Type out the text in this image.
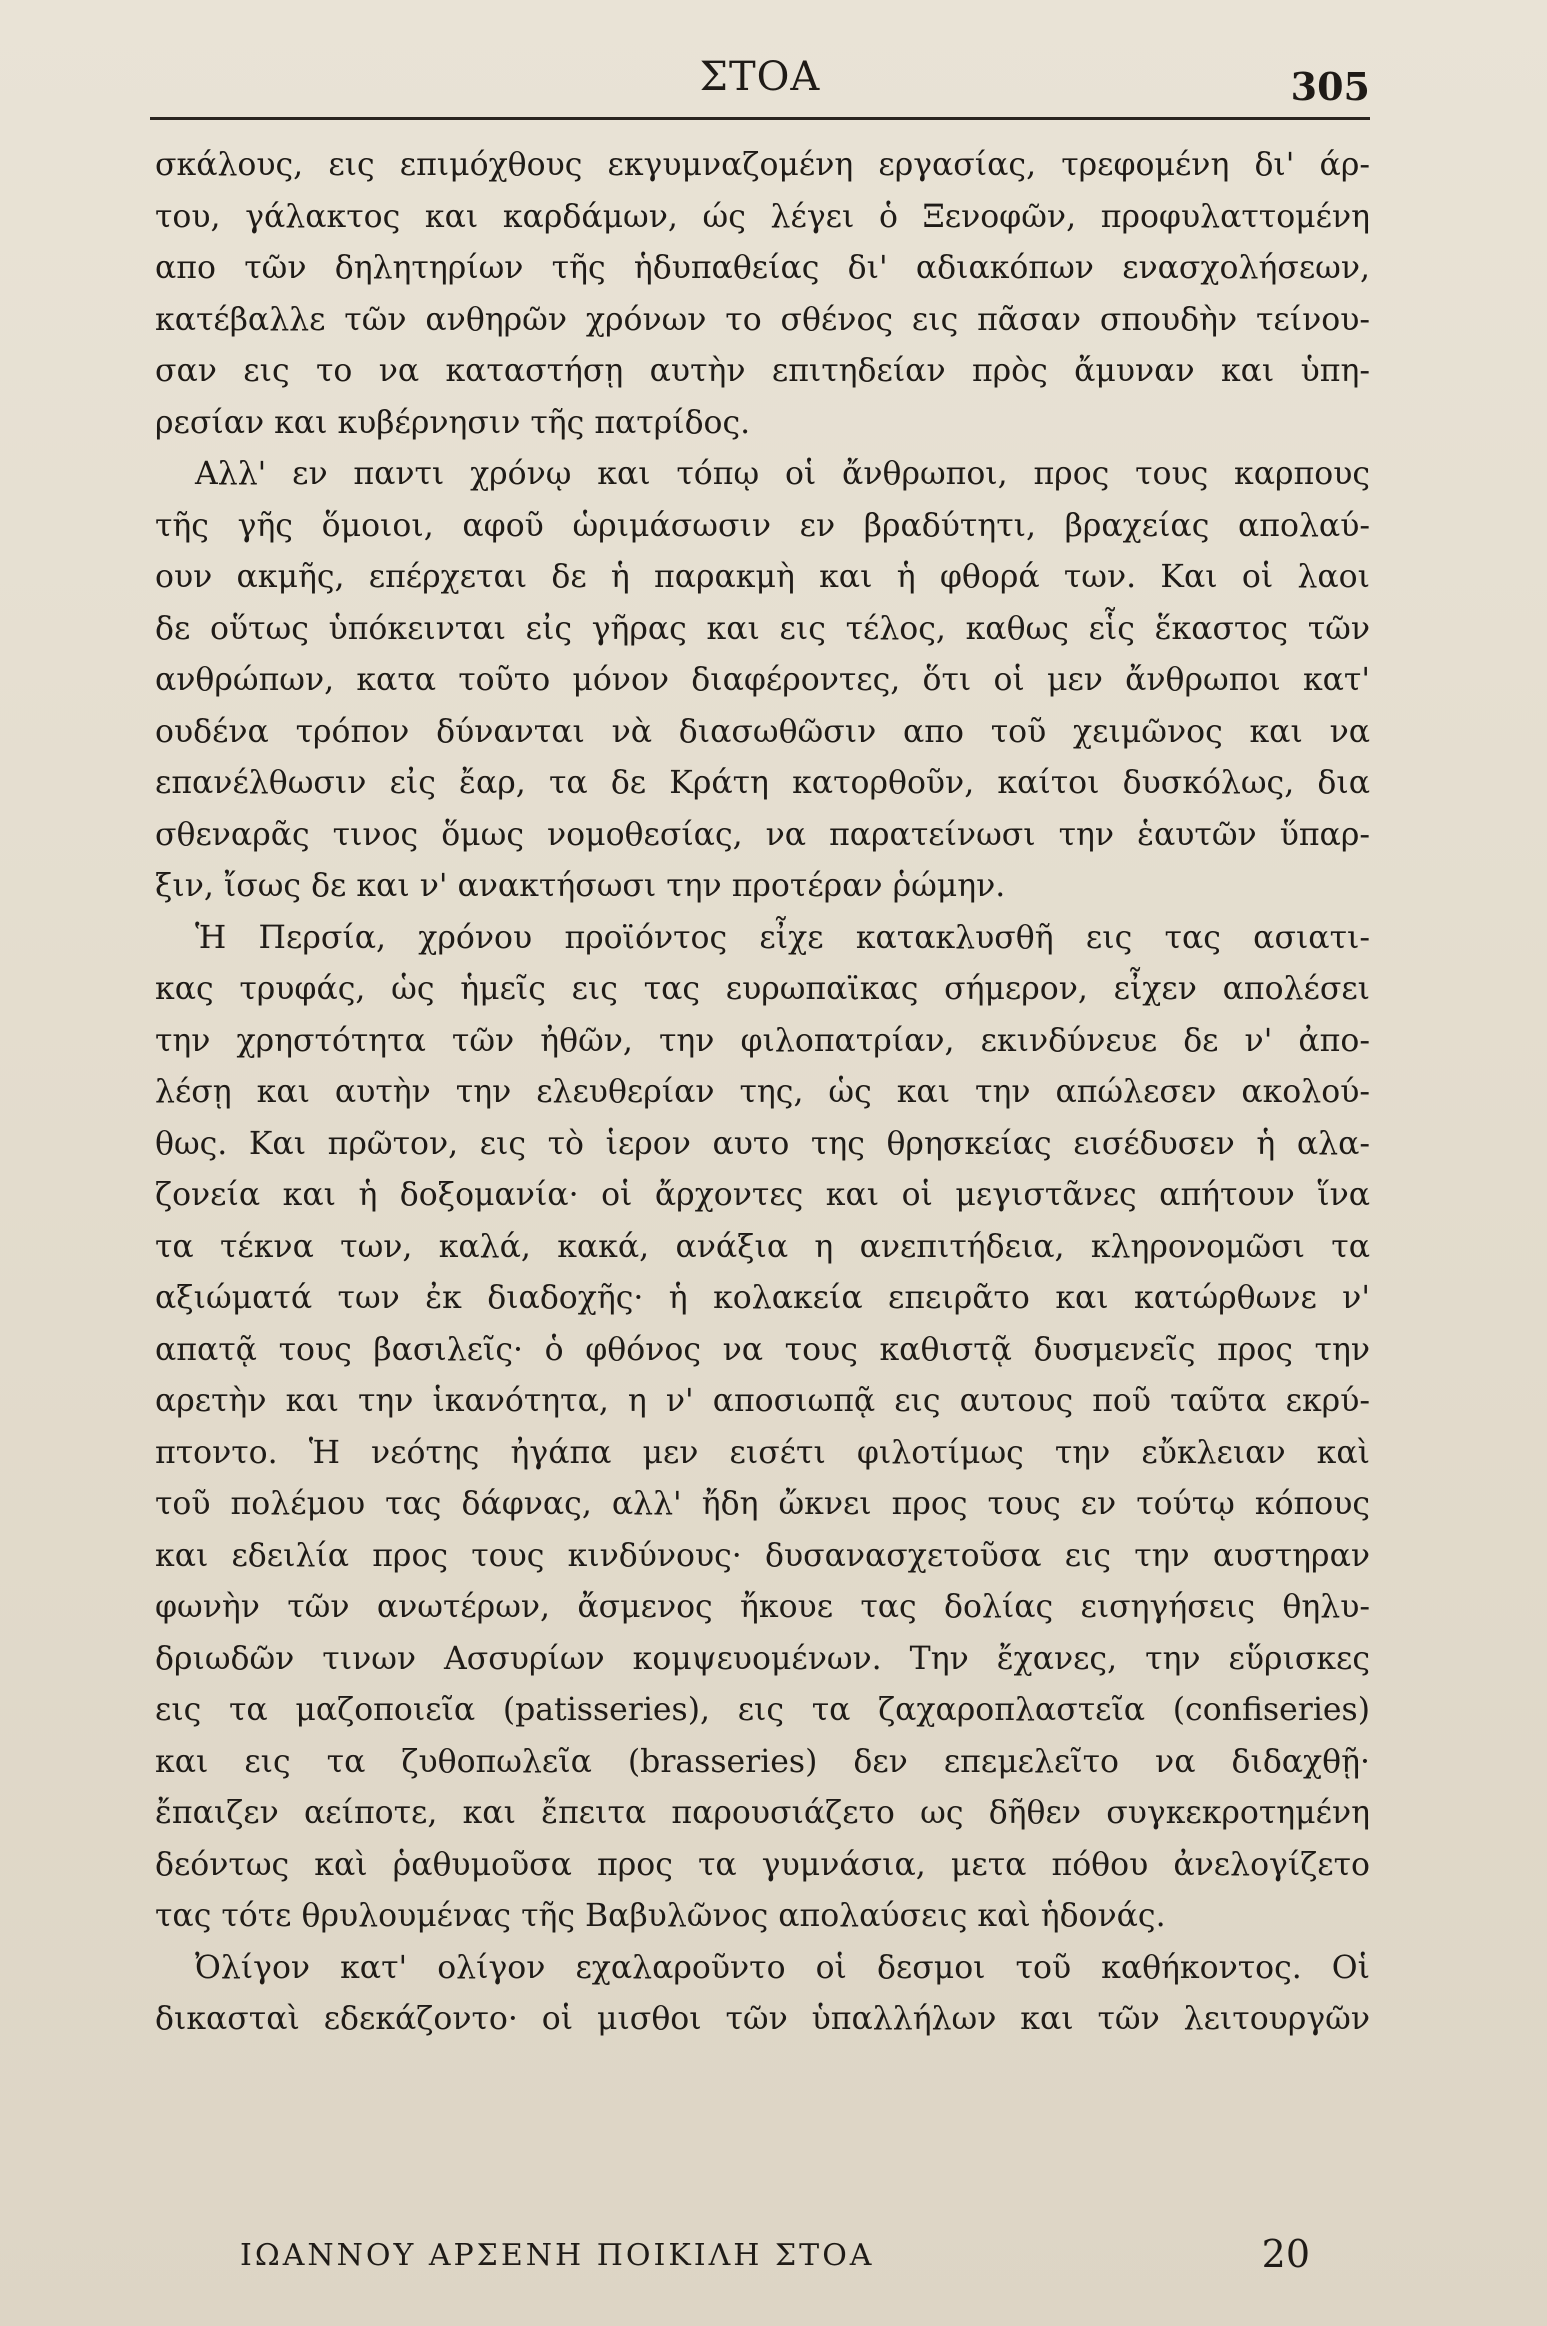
ΣΤΟΑ	305
σκάλους, εις επιμόχθους εκγυμναζομένη εργασίας, τρεφομένη δι' άρ-
του, γάλακτος και καρδάμων, ώς λέγει ὁ Ξενοφῶν, προφυλαττομένη
απο τῶν δηλητηρίων τῆς ἡδυπαθείας δι' αδιακόπων ενασχολήσεων,
κατέβαλλε τῶν ανθηρῶν χρόνων το σθένος εις πᾶσαν σπουδὴν τείνου-
σαν εις το να καταστήσῃ αυτὴν επιτηδείαν πρὸς ἄμυναν και ὑπη-
ρεσίαν και κυβέρνησιν τῆς πατρίδος.
Αλλ' εν παντι χρόνῳ και τόπῳ οἱ ἄνθρωποι, προς τους καρπους
τῆς γῆς ὅμοιοι, αφοῦ ὡριμάσωσιν εν βραδύτητι, βραχείας απολαύ-
ουν ακμῆς, επέρχεται δε ἡ παρακμὴ και ἡ φθορά των. Και οἱ λαοι
δε οὕτως ὑπόκεινται εἰς γῆρας και εις τέλος, καθως εἷς ἕκαστος τῶν
ανθρώπων, κατα τοῦτο μόνον διαφέροντες, ὅτι οἱ μεν ἄνθρωποι κατ'
ουδένα τρόπον δύνανται νὰ διασωθῶσιν απο τοῦ χειμῶνος και να
επανέλθωσιν εἰς ἔαρ, τα δε Κράτη κατορθοῦν, καίτοι δυσκόλως, δια
σθεναρᾶς τινος ὅμως νομοθεσίας, να παρατείνωσι την ἑαυτῶν ὕπαρ-
ξιν, ἴσως δε και ν' ανακτήσωσι την προτέραν ῥώμην.
Ἡ Περσία, χρόνου προϊόντος εἶχε κατακλυσθῆ εις τας ασιατι-
κας τρυφάς, ὡς ἡμεῖς εις τας ευρωπαϊκας σήμερον, εἶχεν απολέσει
την χρηστότητα τῶν ἠθῶν, την φιλοπατρίαν, εκινδύνευε δε ν' ἀπο-
λέσῃ και αυτὴν την ελευθερίαν της, ὡς και την απώλεσεν ακολού-
θως. Και πρῶτον, εις τὸ ἱερον αυτο της θρησκείας εισέδυσεν ἡ αλα-
ζονεία και ἡ δοξομανία· οἱ ἄρχοντες και οἱ μεγιστᾶνες απήτουν ἵνα
τα τέκνα των, καλά, κακά, ανάξια η ανεπιτήδεια, κληρονομῶσι τα
αξιώματά των ἐκ διαδοχῆς· ἡ κολακεία επειρᾶτο και κατώρθωνε ν'
απατᾷ τους βασιλεῖς· ὁ φθόνος να τους καθιστᾷ δυσμενεῖς προς την
αρετὴν και την ἱκανότητα, η ν' αποσιωπᾷ εις αυτους ποῦ ταῦτα εκρύ-
πτοντο. Ἡ νεότης ἠγάπα μεν εισέτι φιλοτίμως την εὔκλειαν καὶ
τοῦ πολέμου τας δάφνας, αλλ' ἤδη ὤκνει προς τους εν τούτῳ κόπους
και εδειλία προς τους κινδύνους· δυσανασχετοῦσα εις την αυστηραν
φωνὴν τῶν ανωτέρων, ἄσμενος ἤκουε τας δολίας εισηγήσεις θηλυ-
δριωδῶν τινων Ασσυρίων κομψευομένων. Την ἔχανες, την εὕρισκες
εις τα μαζοποιεῖα (patisseries), εις τα ζαχαροπλαστεῖα (confiseries)
και εις τα ζυθοπωλεῖα (brasseries) δεν επεμελεῖτο να διδαχθῇ·
ἔπαιζεν αείποτε, και ἔπειτα παρουσιάζετο ως δῆθεν συγκεκροτημένη
δεόντως καὶ ῥαθυμοῦσα προς τα γυμνάσια, μετα πόθου ἀνελογίζετο
τας τότε θρυλουμένας τῆς Βαβυλῶνος απολαύσεις καὶ ἡδονάς.
Ὀλίγον κατ' ολίγον εχαλαροῦντο οἱ δεσμοι τοῦ καθήκοντος. Οἱ
δικασταὶ εδεκάζοντο· οἱ μισθοι τῶν ὑπαλλήλων και τῶν λειτουργῶν
ΙΩΑΝΝΟΥ ΑΡΣΕΝΗ ΠΟΙΚΙΛΗ ΣΤΟΑ	20
